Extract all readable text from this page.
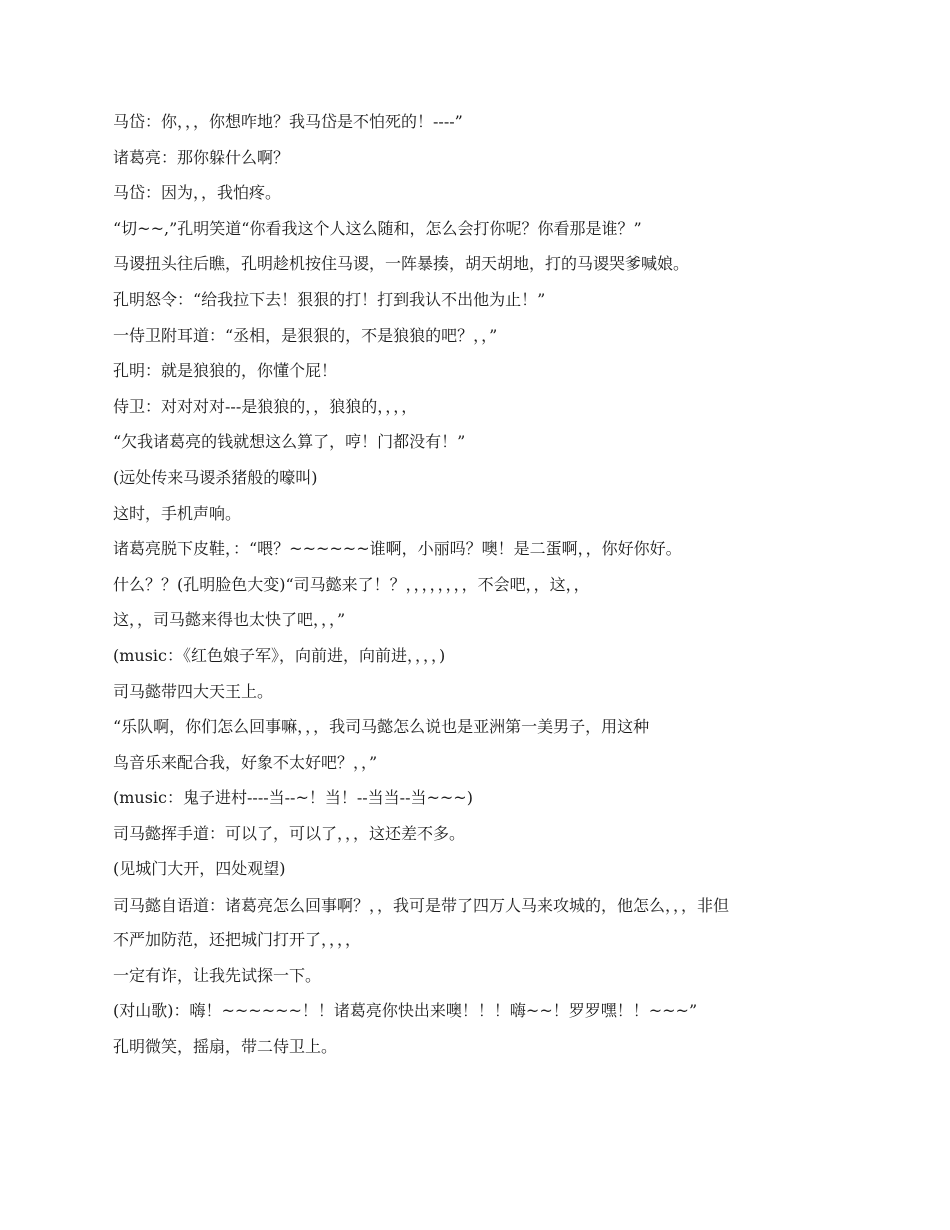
马岱：你，，，你想咋地？我马岱是不怕死的！----”
诸葛亮：那你躲什么啊？
马岱：因为，，我怕疼。
“切~~,”孔明笑道“你看我这个人这么随和，怎么会打你呢？你看那是谁？”
马谡扭头往后瞧，孔明趁机按住马谡，一阵暴揍，胡天胡地，打的马谡哭爹喊娘。
孔明怒令：“给我拉下去！狠狠的打！打到我认不出他为止！”
一侍卫附耳道：“丞相，是狠狠的，不是狼狼的吧？，，”
孔明：就是狼狼的，你懂个屁！
侍卫：对对对对---是狼狼的，，狼狼的，，，，
“欠我诸葛亮的钱就想这么算了，哼！门都没有！”
(远处传来马谡杀猪般的嚎叫)
这时，手机声响。
诸葛亮脱下皮鞋，：“喂？~~~~~~谁啊，小丽吗？噢！是二蛋啊，，你好你好。
什么？？(孔明脸色大变)“司马懿来了！？，，，，，，，，不会吧，，这，，
这，，司马懿来得也太快了吧，，，”
(music：《红色娘子军》，向前进，向前进，，，，)
司马懿带四大天王上。
“乐队啊，你们怎么回事嘛，，，我司马懿怎么说也是亚洲第一美男子，用这种
鸟音乐来配合我，好象不太好吧？，，”
(music：鬼子进村----当--~！当！--当当--当~~~)
司马懿挥手道：可以了，可以了，，，这还差不多。
(见城门大开，四处观望)
司马懿自语道：诸葛亮怎么回事啊？，，我可是带了四万人马来攻城的，他怎么，，，非但
不严加防范，还把城门打开了，，，，
一定有诈，让我先试探一下。
(对山歌)：嗨！~~~~~~！！诸葛亮你快出来噢！！！嗨~~！罗罗嘿！！~~~”
孔明微笑，摇扇，带二侍卫上。
